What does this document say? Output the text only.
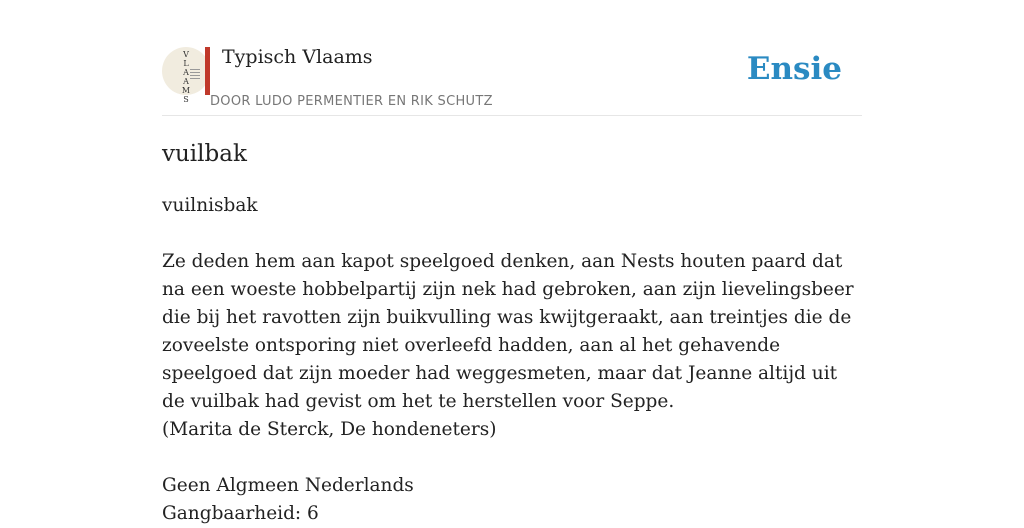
V
L
A
A
M
S
Typisch Vlaams
DOOR LUDO PERMENTIER EN RIK SCHUTZ
Ensie
vuilbak

vuilnisbak

Ze deden hem aan kapot speelgoed denken, aan Nests houten paard dat na een woeste hobbelpartij zijn nek had gebroken, aan zijn lievelingsbeer die bij het ravotten zijn buikvulling was kwijtgeraakt, aan treintjes die de zoveelste ontsporing niet overleefd hadden, aan al het gehavende speelgoed dat zijn moeder had weggesmeten, maar dat Jeanne altijd uit de vuilbak had gevist om het te herstellen voor Seppe.

(Marita de Sterck, De hondeneters)

Geen Algmeen Nederlands

Gangbaarheid: 6
